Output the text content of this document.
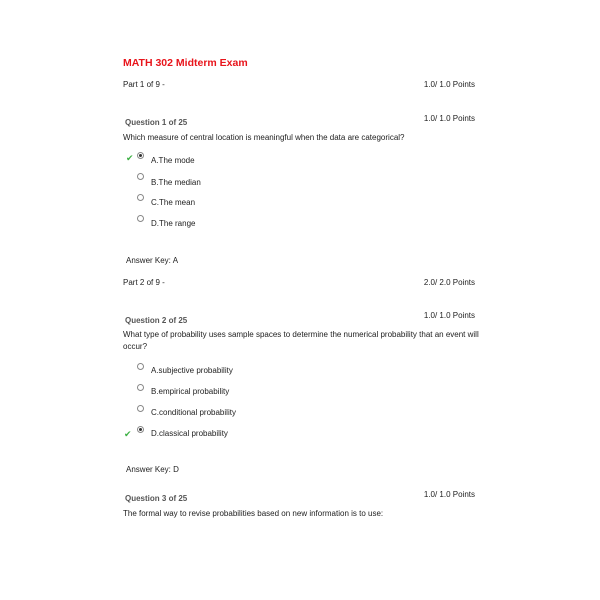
MATH 302 Midterm Exam
Part 1 of 9 -	1.0/ 1.0 Points
1.0/ 1.0 Points
Question 1 of 25
Which measure of central location is meaningful when the data are categorical?
✔ A.The mode
B.The median
C.The mean
D.The range
Answer Key: A
Part 2 of 9 -	2.0/ 2.0 Points
1.0/ 1.0 Points
Question 2 of 25
What type of probability uses sample spaces to determine the numerical probability that an event will
occur?
A.subjective probability
B.empirical probability
C.conditional probability
✔ D.classical probability
Answer Key: D
1.0/ 1.0 Points
Question 3 of 25
The formal way to revise probabilities based on new information is to use:
